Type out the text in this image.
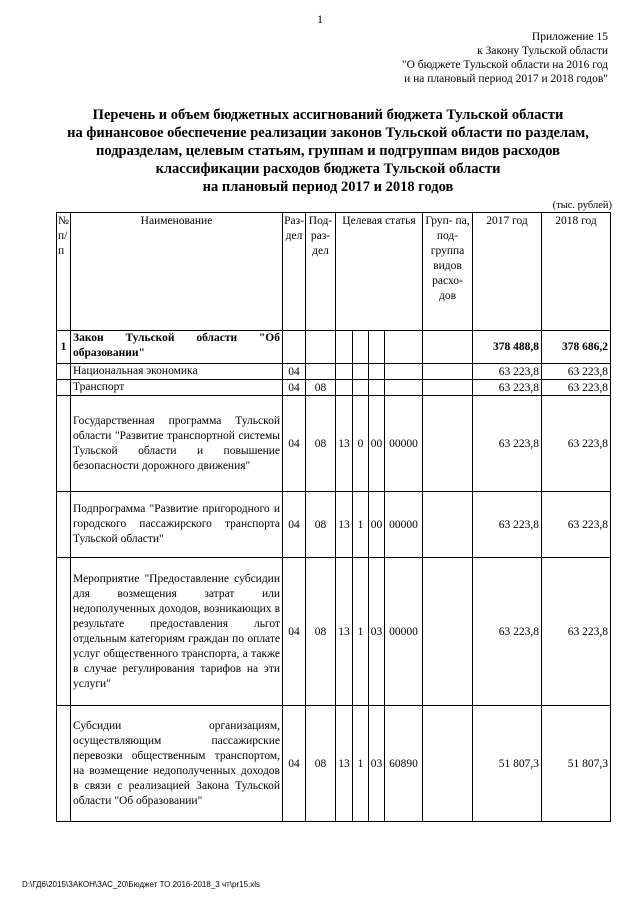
1
Приложение 15
к Закону Тульской области
"О бюджете Тульской области на 2016 год
и на плановый период 2017 и 2018 годов"
Перечень и объем бюджетных ассигнований бюджета Тульской области
на финансовое обеспечение реализации законов Тульской области по разделам,
подразделам, целевым статьям, группам и подгруппам видов расходов
классификации расходов бюджета Тульской области
на плановый период 2017 и 2018 годов
(тыс. рублей)
№ п/п	Наименование	Раз- дел	Под- раз- дел	Целевая статья				Груп- па, под- группа видов расхо- дов	2017 год	2018 год
1	Закон Тульской области "Об образовании"								378 488,8	378 686,2
	Национальная экономика	04							63 223,8	63 223,8
	Транспорт	04	08						63 223,8	63 223,8
	Государственная программа Тульской области "Развитие транспортной системы Тульской области и повышение безопасности дорожного движения"	04	08	13	0	00	00000		63 223,8	63 223,8
	Подпрограмма "Развитие пригородного и городского пассажирского транспорта Тульской области"	04	08	13	1	00	00000		63 223,8	63 223,8
	Мероприятие "Предоставление субсидии для возмещения затрат или недополученных доходов, возникающих в результате предоставления льгот отдельным категориям граждан по оплате услуг общественного транспорта, а также в случае регулирования тарифов на эти услуги"	04	08	13	1	03	00000		63 223,8	63 223,8
	Субсидии организациям, осуществляющим пассажирские перевозки общественным транспортом, на возмещение недополученных доходов в связи с реализацией Закона Тульской области "Об образовании"	04	08	13	1	03	60890		51 807,3	51 807,3
D:\ГД6\2015\ЗАКОН\ЗАС_20\Бюджет ТО 2016-2018_3 чт\pr15.xls
